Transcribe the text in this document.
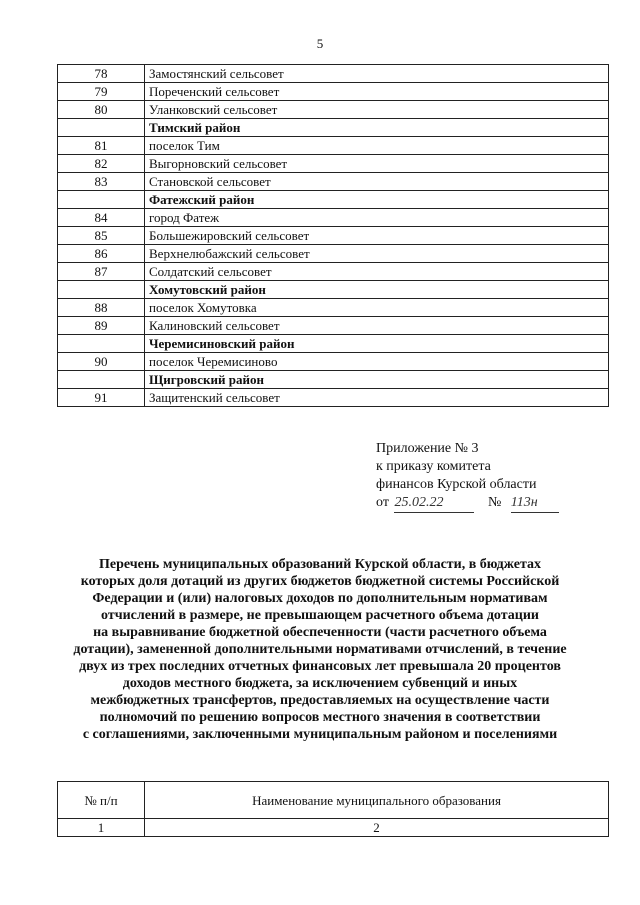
5
78	Замостянский сельсовет
79	Пореченский сельсовет
80	Уланковский сельсовет
	Тимский район
81	поселок Тим
82	Выгорновский сельсовет
83	Становской сельсовет
	Фатежский район
84	город Фатеж
85	Большежировский сельсовет
86	Верхнелюбажский сельсовет
87	Солдатский сельсовет
	Хомутовский район
88	поселок Хомутовка
89	Калиновский сельсовет
	Черемисиновский район
90	поселок Черемисиново
	Щигровский район
91	Защитенский сельсовет
Приложение № 3
к приказу комитета
финансов Курской области
от 25.02.22	№ 113н
Перечень муниципальных образований Курской области, в бюджетах
которых доля дотаций из других бюджетов бюджетной системы Российской
Федерации и (или) налоговых доходов по дополнительным нормативам
отчислений в размере, не превышающем расчетного объема дотации
на выравнивание бюджетной обеспеченности (части расчетного объема
дотации), замененной дополнительными нормативами отчислений, в течение
двух из трех последних отчетных финансовых лет превышала 20 процентов
доходов местного бюджета, за исключением субвенций и иных
межбюджетных трансфертов, предоставляемых на осуществление части
полномочий по решению вопросов местного значения в соответствии
с соглашениями, заключенными муниципальным районом и поселениями
№ п/п	Наименование муниципального образования
1	2
